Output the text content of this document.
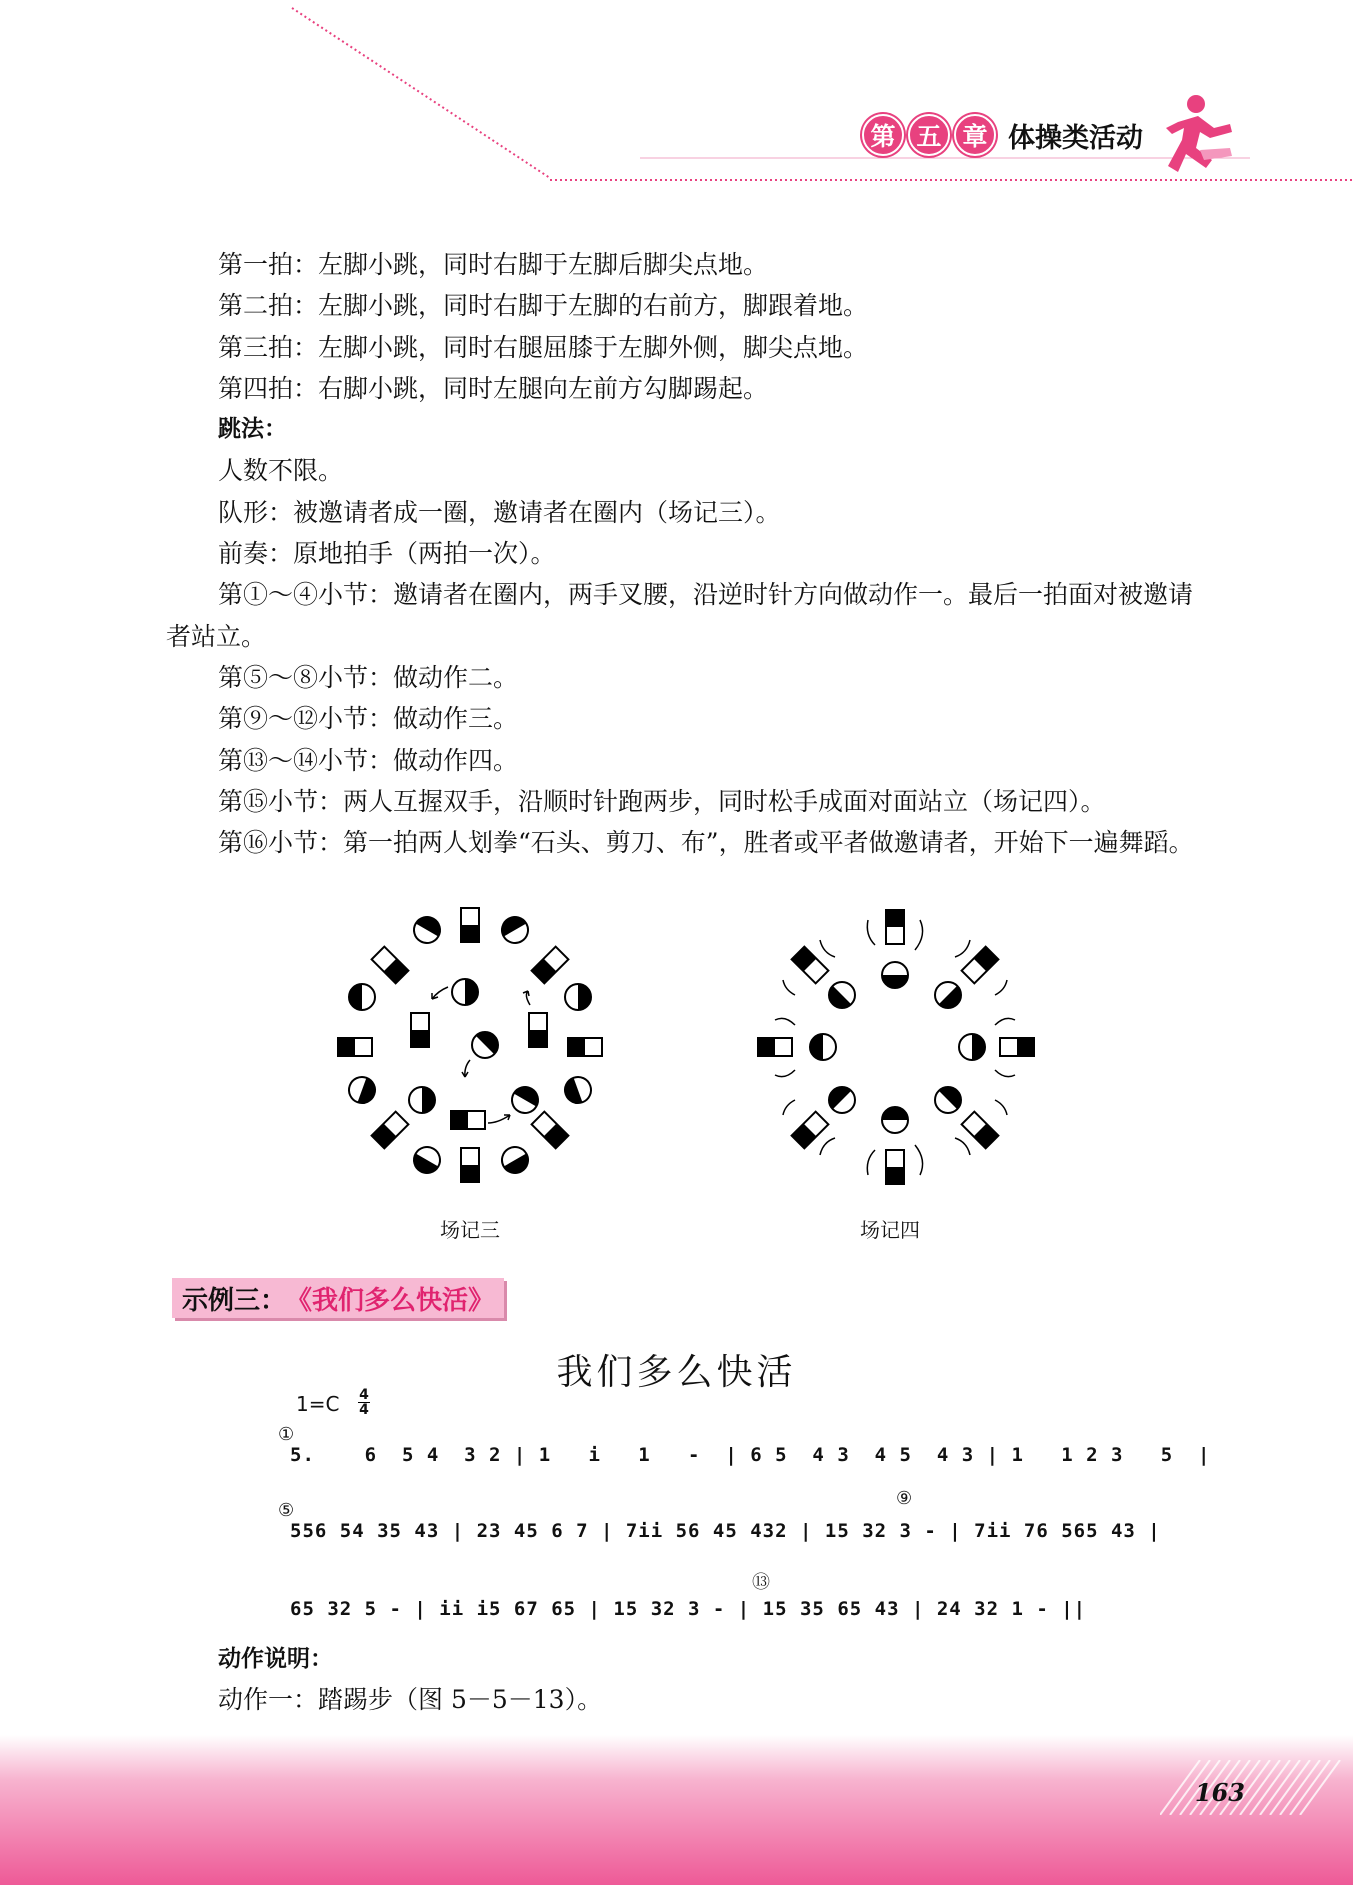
第 五 章 体操类活动

第一拍：左脚小跳，同时右脚于左脚后脚尖点地。

第二拍：左脚小跳，同时右脚于左脚的右前方，脚跟着地。

第三拍：左脚小跳，同时右腿屈膝于左脚外侧，脚尖点地。

第四拍：右脚小跳，同时左腿向左前方勾脚踢起。

跳法：

人数不限。

队形：被邀请者成一圈，邀请者在圈内（场记三）。

前奏：原地拍手（两拍一次）。

第①～④小节：邀请者在圈内，两手叉腰，沿逆时针方向做动作一。最后一拍面对被邀请者站立。

第⑤～⑧小节：做动作二。

第⑨～⑫小节：做动作三。

第⑬～⑭小节：做动作四。

第⑮小节：两人互握双手，沿顺时针跑两步，同时松手成面对面站立（场记四）。

第⑯小节：第一拍两人划拳“石头、剪刀、布”，胜者或平者做邀请者，开始下一遍舞蹈。

场记三	场记四
示例三： 《我们多么快活》
我们多么快活
1=C 4
4
①
5.    6  5 4  3 2 | 1   i   1   -  | 6 5  4 3  4 5  4 3 | 1   1 2 3   5  |
⑤
⑨
556 54 35 43 | 23 45 6 7 | 7ii 56 45 432 | 15 32 3 - | 7ii 76 565 43 |
⑬
65 32 5 - | ii i5 67 65 | 15 32 3 - | 15 35 65 43 | 24 32 1 - ||
动作说明：
动作一：踏踢步（图 5－5－13）。
163
